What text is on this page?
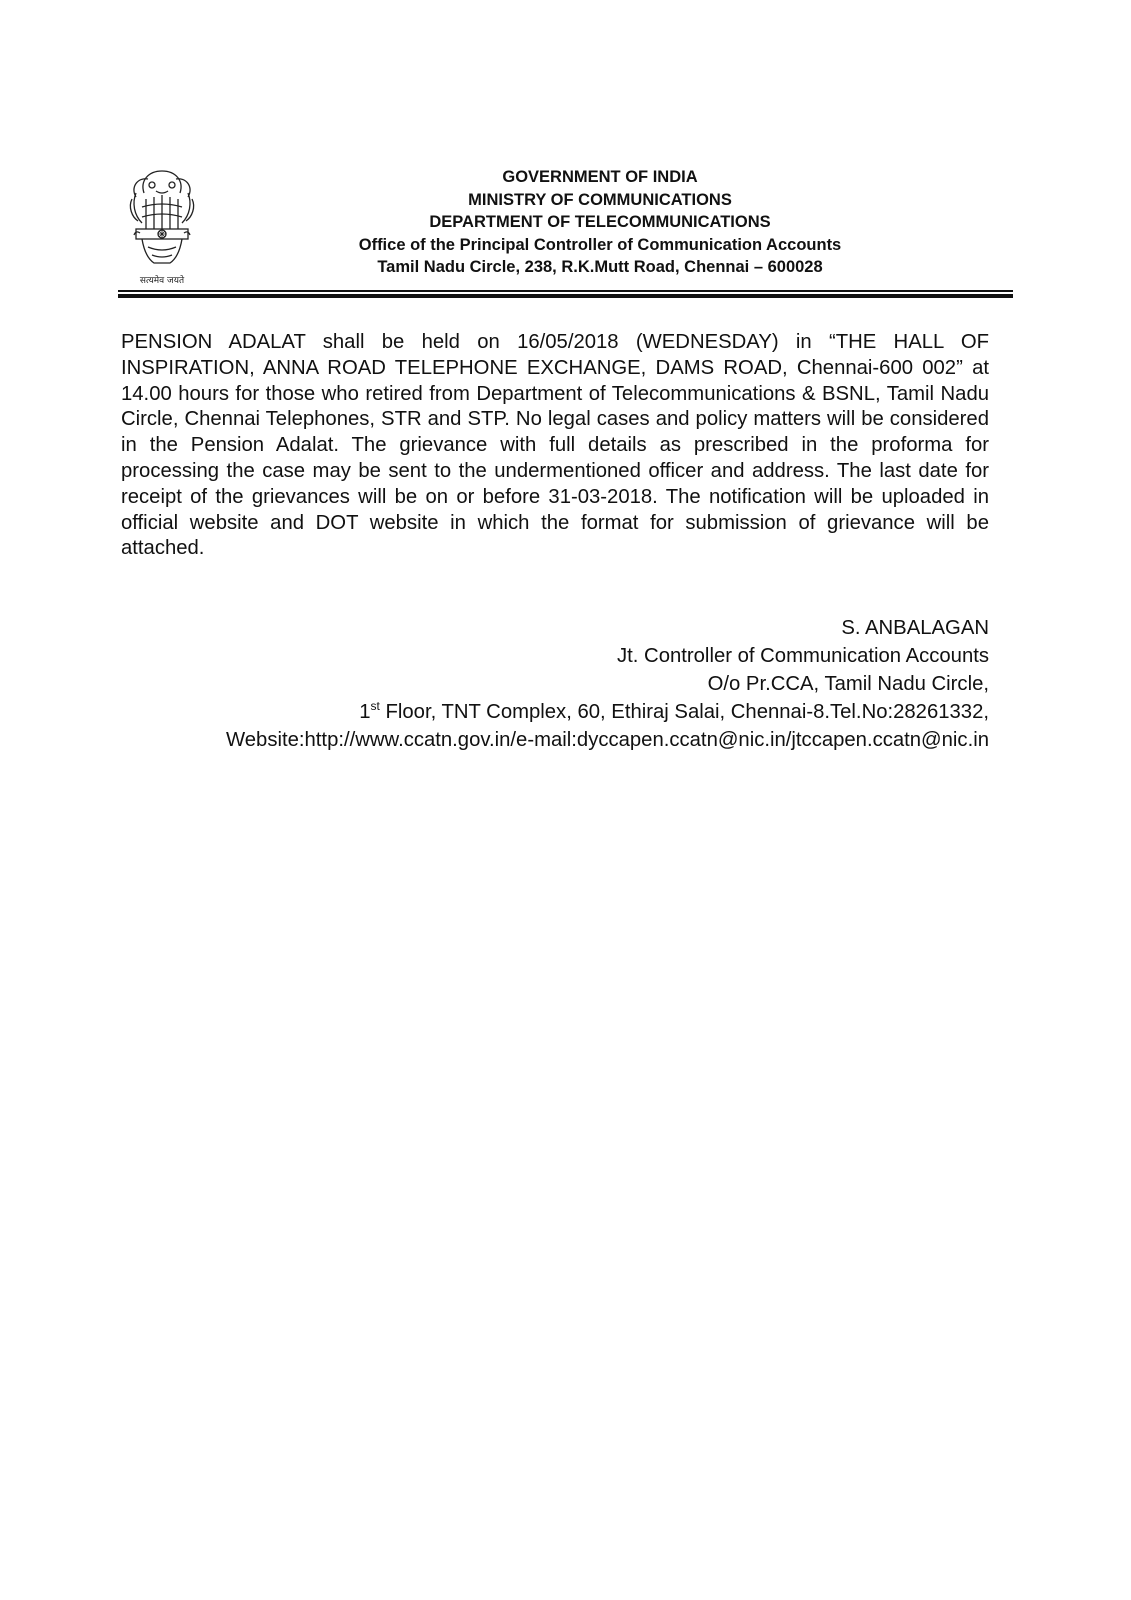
सत्यमेव जयते
GOVERNMENT OF INDIA
MINISTRY OF COMMUNICATIONS
DEPARTMENT OF TELECOMMUNICATIONS
Office of the Principal Controller of Communication Accounts
Tamil Nadu Circle, 238, R.K.Mutt Road, Chennai – 600028

PENSION ADALAT shall be held on 16/05/2018 (WEDNESDAY) in “THE HALL OF INSPIRATION, ANNA ROAD TELEPHONE EXCHANGE, DAMS ROAD, Chennai-600 002” at 14.00 hours for those who retired from Department of Telecommunications & BSNL, Tamil Nadu Circle, Chennai Telephones, STR and STP. No legal cases and policy matters will be considered in the Pension Adalat. The grievance with full details as prescribed in the proforma for processing the case may be sent to the undermentioned officer and address. The last date for receipt of the grievances will be on or before 31-03-2018. The notification will be uploaded in official website and DOT website in which the format for submission of grievance will be attached.

S. ANBALAGAN
Jt. Controller of Communication Accounts
O/o Pr.CCA, Tamil Nadu Circle,
1st Floor, TNT Complex, 60, Ethiraj Salai, Chennai-8.Tel.No:28261332,
Website:http://www.ccatn.gov.in/e-mail:dyccapen.ccatn@nic.in/jtccapen.ccatn@nic.in
